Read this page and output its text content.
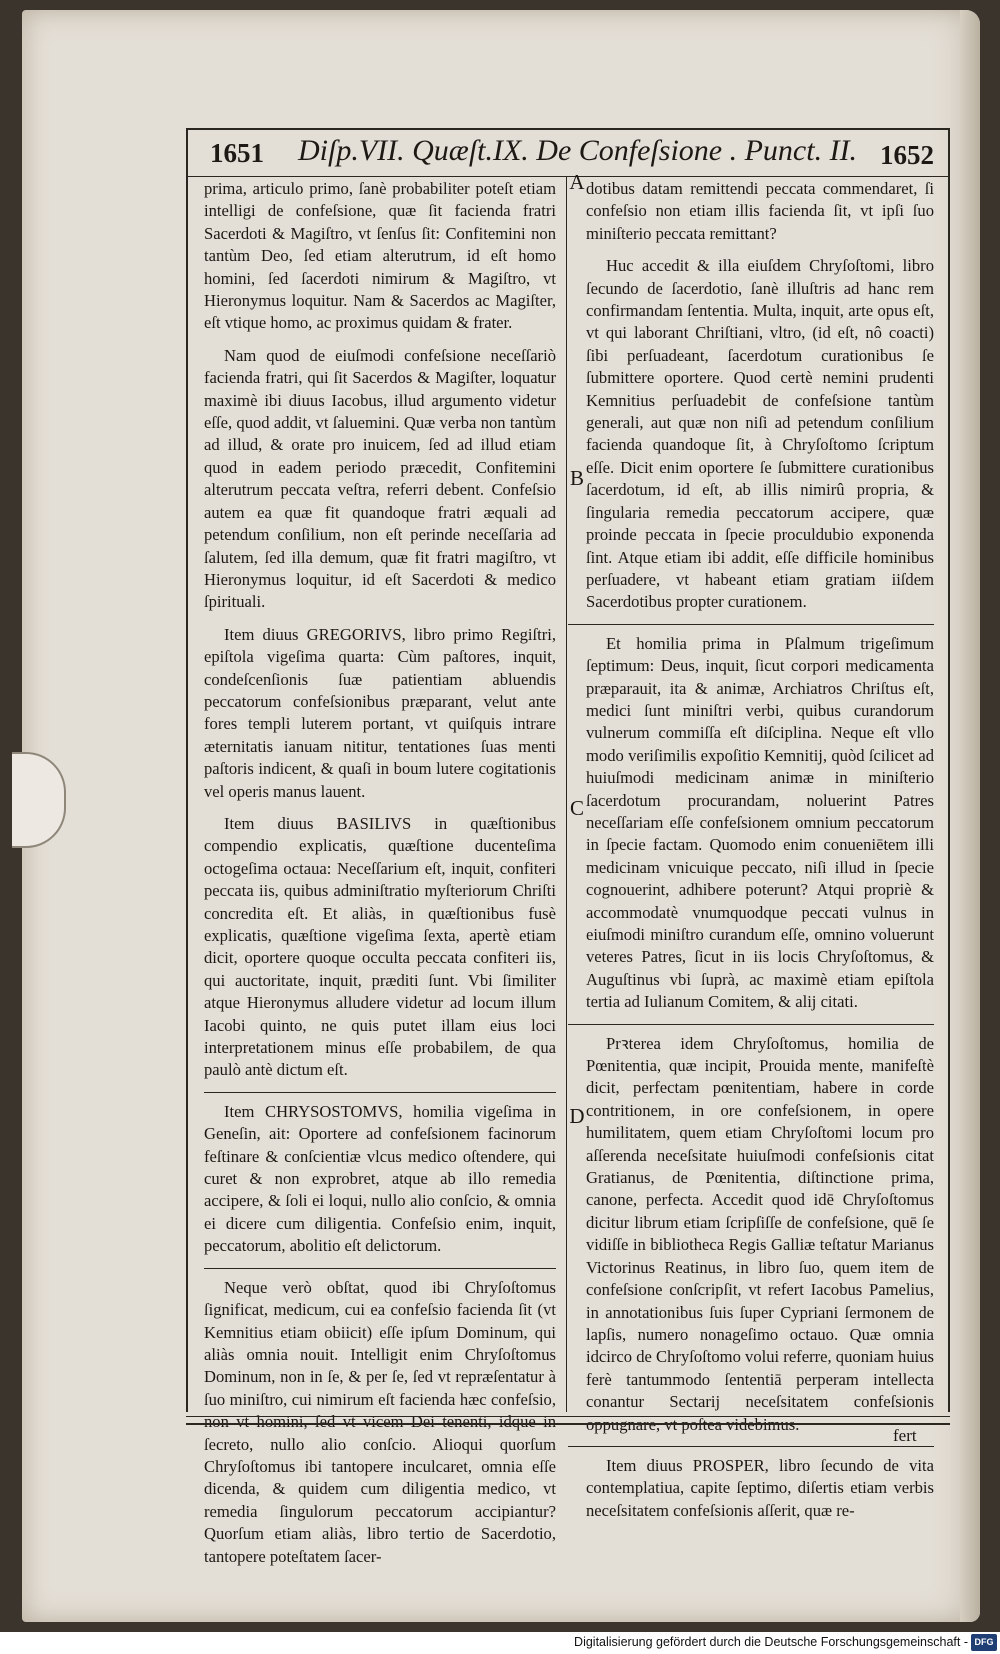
1651 Diſp.VII. Quæſt.IX. De Confeſsione . Punct. II. 1652
A
B
C
D

prima, articulo primo, ſanè probabiliter poteſt etiam intelligi de confeſsione, quæ ſit facienda fratri Sacerdoti & Magiſtro, vt ſenſus ſit: Confitemini non tantùm Deo, ſed etiam alterutrum, id eſt homo homini, ſed ſacerdoti nimirum & Magiſtro, vt Hieronymus loquitur. Nam & Sacerdos ac Magiſter, eſt vtique homo, ac proximus quidam & frater.

Nam quod de eiuſmodi confeſsione neceſſariò facienda fratri, qui ſit Sacerdos & Magiſter, loquatur maximè ibi diuus Iacobus, illud argumento videtur eſſe, quod addit, vt ſaluemini. Quæ verba non tantùm ad illud, & orate pro inuicem, ſed ad illud etiam quod in eadem periodo præcedit, Confitemini alterutrum peccata veſtra, referri debent. Confeſsio autem ea quæ fit quandoque fratri æquali ad petendum conſilium, non eſt perinde neceſſaria ad ſalutem, ſed illa demum, quæ fit fratri magiſtro, vt Hieronymus loquitur, id eſt Sacerdoti & medico ſpirituali.

Item diuus GREGORIVS, libro primo Regiſtri, epiſtola vigeſima quarta: Cùm paſtores, inquit, condeſcenſionis ſuæ patientiam abluendis peccatorum confeſsionibus præparant, velut ante fores templi luterem portant, vt quiſquis intrare æternitatis ianuam nititur, tentationes ſuas menti paſtoris indicent, & quaſi in boum lutere cogitationis vel operis manus lauent.

Item diuus BASILIVS in quæſtionibus compendio explicatis, quæſtione ducenteſima octogeſima octaua: Neceſſarium eſt, inquit, confiteri peccata iis, quibus adminiſtratio myſteriorum Chriſti concredita eſt. Et aliàs, in quæſtionibus fusè explicatis, quæſtione vigeſima ſexta, apertè etiam dicit, oportere quoque occulta peccata confiteri iis, qui auctoritate, inquit, præditi ſunt. Vbi ſimiliter atque Hieronymus alludere videtur ad locum illum Iacobi quinto, ne quis putet illam eius loci interpretationem minus eſſe probabilem, de qua paulò antè dictum eſt.

Item CHRYSOSTOMVS, homilia vigeſima in Geneſin, ait: Oportere ad confeſsionem facinorum feſtinare & conſcientiæ vlcus medico oſtendere, qui curet & non exprobret, atque ab illo remedia accipere, & ſoli ei loqui, nullo alio conſcio, & omnia ei dicere cum diligentia. Confeſsio enim, inquit, peccatorum, abolitio eſt delictorum.

Neque verò obſtat, quod ibi Chryſoſtomus ſignificat, medicum, cui ea confeſsio facienda ſit (vt Kemnitius etiam obiicit) eſſe ipſum Dominum, qui aliàs omnia nouit. Intelligit enim Chryſoſtomus Dominum, non in ſe, & per ſe, ſed vt repræſentatur à ſuo miniſtro, cui nimirum eſt facienda hæc confeſsio, non vt homini, ſed vt vicem Dei tenenti, idque in ſecreto, nullo alio conſcio. Alioqui quorſum Chryſoſtomus ibi tantopere inculcaret, omnia eſſe dicenda, & quidem cum diligentia medico, vt remedia ſingulorum peccatorum accipiantur? Quorſum etiam aliàs, libro tertio de Sacerdotio, tantopere poteſtatem ſacer-

dotibus datam remittendi peccata commendaret, ſi confeſsio non etiam illis facienda ſit, vt ipſi ſuo miniſterio peccata remittant?

Huc accedit & illa eiuſdem Chryſoſtomi, libro ſecundo de ſacerdotio, ſanè illuſtris ad hanc rem confirmandam ſententia. Multa, inquit, arte opus eſt, vt qui laborant Chriſtiani, vltro, (id eſt, nô coacti) ſibi perſuadeant, ſacerdotum curationibus ſe ſubmittere oportere. Quod certè nemini prudenti Kemnitius perſuadebit de confeſsione tantùm generali, aut quæ non niſi ad petendum conſilium facienda quandoque ſit, à Chryſoſtomo ſcriptum eſſe. Dicit enim oportere ſe ſubmittere curationibus ſacerdotum, id eſt, ab illis nimirû propria, & ſingularia remedia peccatorum accipere, quæ proinde peccata in ſpecie proculdubio exponenda ſint. Atque etiam ibi addit, eſſe difficile hominibus perſuadere, vt habeant etiam gratiam iiſdem Sacerdotibus propter curationem.

Et homilia prima in Pſalmum trigeſimum ſeptimum: Deus, inquit, ſicut corpori medicamenta præparauit, ita & animæ, Archiatros Chriſtus eſt, medici ſunt miniſtri verbi, quibus curandorum vulnerum commiſſa eſt diſciplina. Neque eſt vllo modo veriſimilis expoſitio Kemnitij, quòd ſcilicet ad huiuſmodi medicinam animæ in miniſterio ſacerdotum procurandam, noluerint Patres neceſſariam eſſe confeſsionem omnium peccatorum in ſpecie factam. Quomodo enim conueniētem illi medicinam vnicuique peccato, niſi illud in ſpecie cognouerint, adhibere poterunt? Atqui propriè & accommodatè vnumquodque peccati vulnus in eiuſmodi miniſtro curandum eſſe, omnino voluerunt veteres Patres, ſicut in iis locis Chryſoſtomus, & Auguſtinus vbi ſuprà, ac maximè etiam epiſtola tertia ad Iulianum Comitem, & alij citati.

Prꝛterea idem Chryſoſtomus, homilia de Pœnitentia, quæ incipit, Prouida mente, manifeſtè dicit, perfectam pœnitentiam, habere in corde contritionem, in ore confeſsionem, in opere humilitatem, quem etiam Chryſoſtomi locum pro aſſerenda neceſsitate huiuſmodi confeſsionis citat Gratianus, de Pœnitentia, diſtinctione prima, canone, perfecta. Accedit quod idē Chryſoſtomus dicitur librum etiam ſcripſiſſe de confeſsione, quē ſe vidiſſe in bibliotheca Regis Galliæ teſtatur Marianus Victorinus Reatinus, in libro ſuo, quem item de confeſsione conſcripſit, vt refert Iacobus Pamelius, in annotationibus ſuis ſuper Cypriani ſermonem de lapſis, numero nonageſimo octauo. Quæ omnia idcirco de Chryſoſtomo volui referre, quoniam huius ferè tantummodo ſententiā perperam intellecta conantur Sectarij neceſsitatem confeſsionis oppugnare, vt poſtea videbimus.

Item diuus PROSPER, libro ſecundo de vita contemplatiua, capite ſeptimo, diſertis etiam verbis neceſsitatem confeſsionis aſſerit, quæ re-

fert
Digitalisierung gefördert durch die Deutsche Forschungsgemeinschaft - DFG
